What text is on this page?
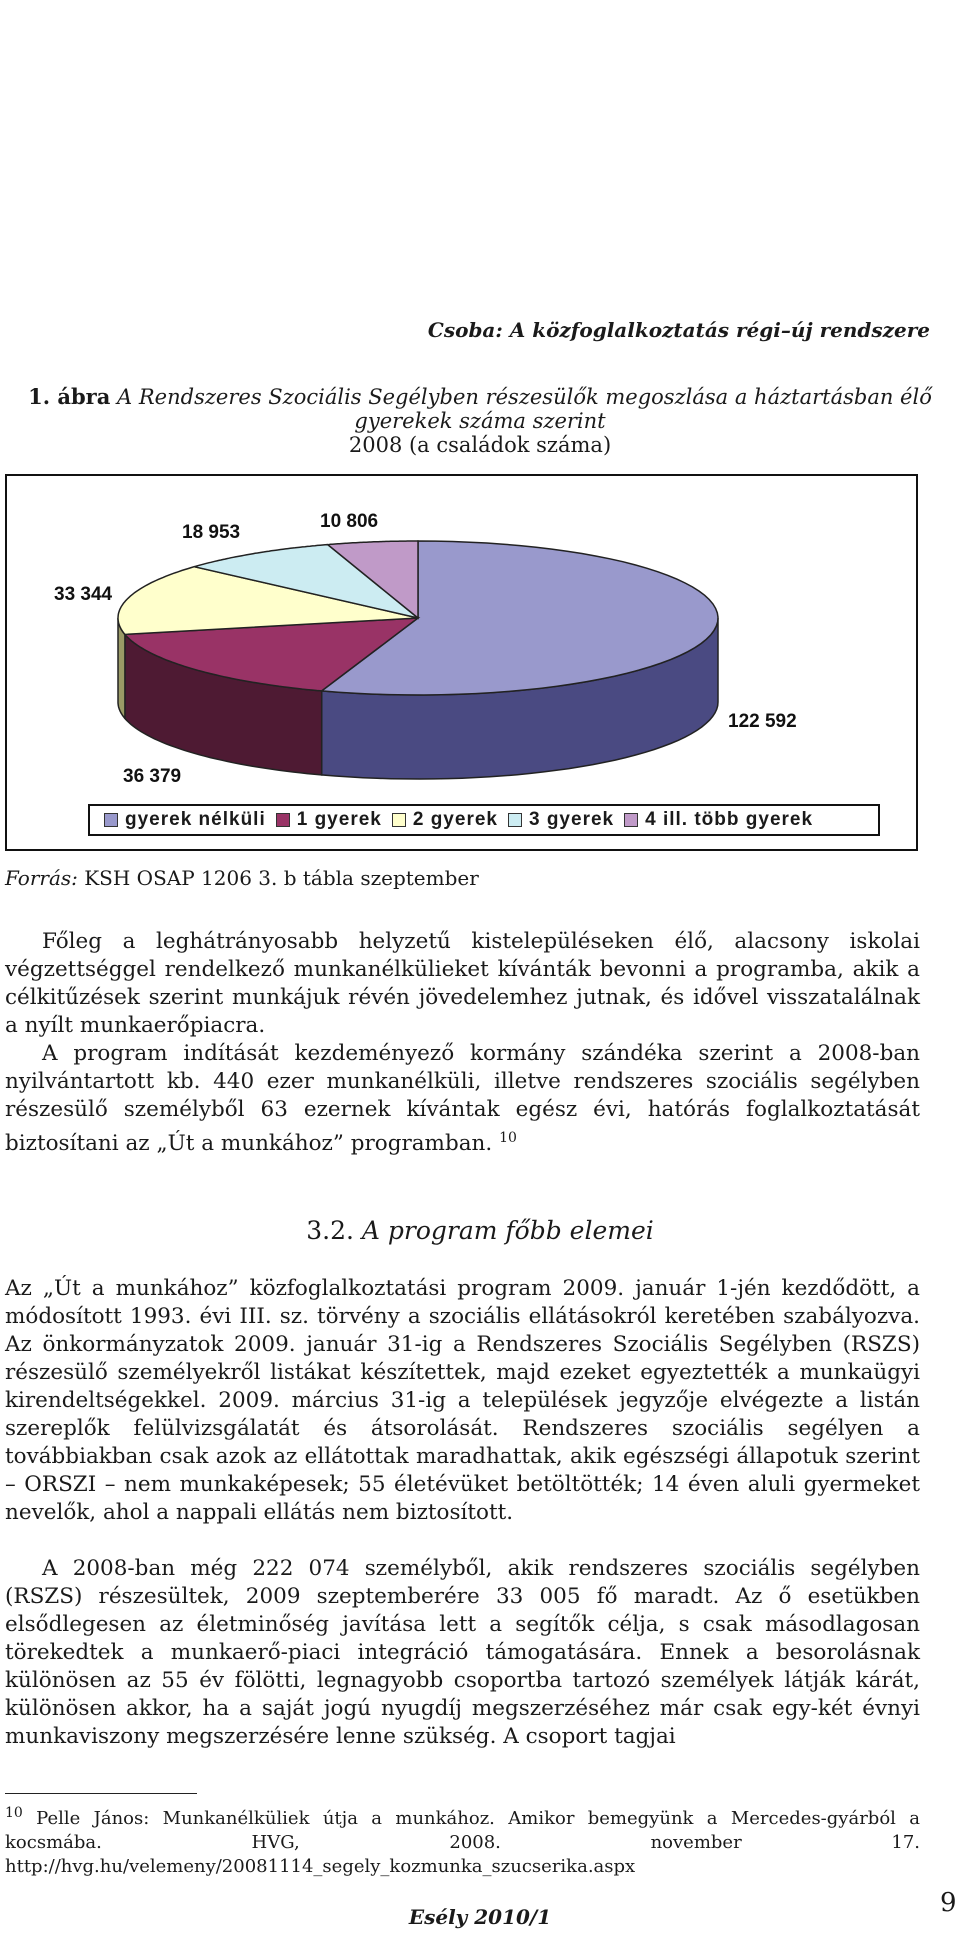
Csoba: A közfoglalkoztatás régi–új rendszere
1. ábra A Rendszeres Szociális Segélyben részesülők megoszlása a háztartásban élő
gyerekek száma szerint
2008 (a családok száma)
18 953
10 806
33 344
122 592
36 379
gyerek nélküli 1 gyerek 2 gyerek 3 gyerek 4 ill. több gyerek
Forrás: KSH OSAP 1206 3. b tábla szeptember
Főleg a leghátrányosabb helyzetű kistelepüléseken élő, alacsony iskolai végzettséggel rendelkező munkanélkülieket kívánták bevonni a programba, akik a célkitűzések szerint munkájuk révén jövedelemhez jutnak, és idővel visszatalálnak a nyílt munkaerőpiacra.
A program indítását kezdeményező kormány szándéka szerint a 2008-ban nyilvántartott kb. 440 ezer munkanélküli, illetve rendszeres szociális segélyben részesülő személyből 63 ezernek kívántak egész évi, hatórás foglalkoztatását biztosítani az „Út a munkához” programban. $^{10}$
3.2. A program főbb elemei
Az „Út a munkához” közfoglalkoztatási program 2009. január 1-jén kezdődött, a módosított 1993. évi III. sz. törvény a szociális ellátásokról keretében szabályozva. Az önkormányzatok 2009. január 31-ig a Rendszeres Szociális Segélyben (RSZS) részesülő személyekről listákat készítettek, majd ezeket egyeztették a munkaügyi kirendeltségekkel. 2009. március 31-ig a települések jegyzője elvégezte a listán szereplők felülvizsgálatát és átsorolását. Rendszeres szociális segélyen a továbbiakban csak azok az ellátottak maradhattak, akik egészségi állapotuk szerint – ORSZI – nem munkaképesek; 55 életévüket betöltötték; 14 éven aluli gyermeket nevelők, ahol a nappali ellátás nem biztosított.
A 2008-ban még 222 074 személyből, akik rendszeres szociális segélyben (RSZS) részesültek, 2009 szeptemberére 33 005 fő maradt. Az ő esetükben elsődlegesen az életminőség javítása lett a segítők célja, s csak másodlagosan törekedtek a munkaerő-piaci integráció támogatására. Ennek a besorolásnak különösen az 55 év fölötti, legnagyobb csoportba tartozó személyek látják kárát, különösen akkor, ha a saját jogú nyugdíj megszerzéséhez már csak egy-két évnyi munkaviszony megszerzésére lenne szükség. A csoport tagjai
$^{10}$ Pelle János: Munkanélküliek útja a munkához. Amikor bemegyünk a Mercedes-gyárból a kocsmába. HVG, 2008. november 17. http://hvg.hu/velemeny/20081114_segely_kozmunka_szucserika.aspx
Esély 2010/1	9
